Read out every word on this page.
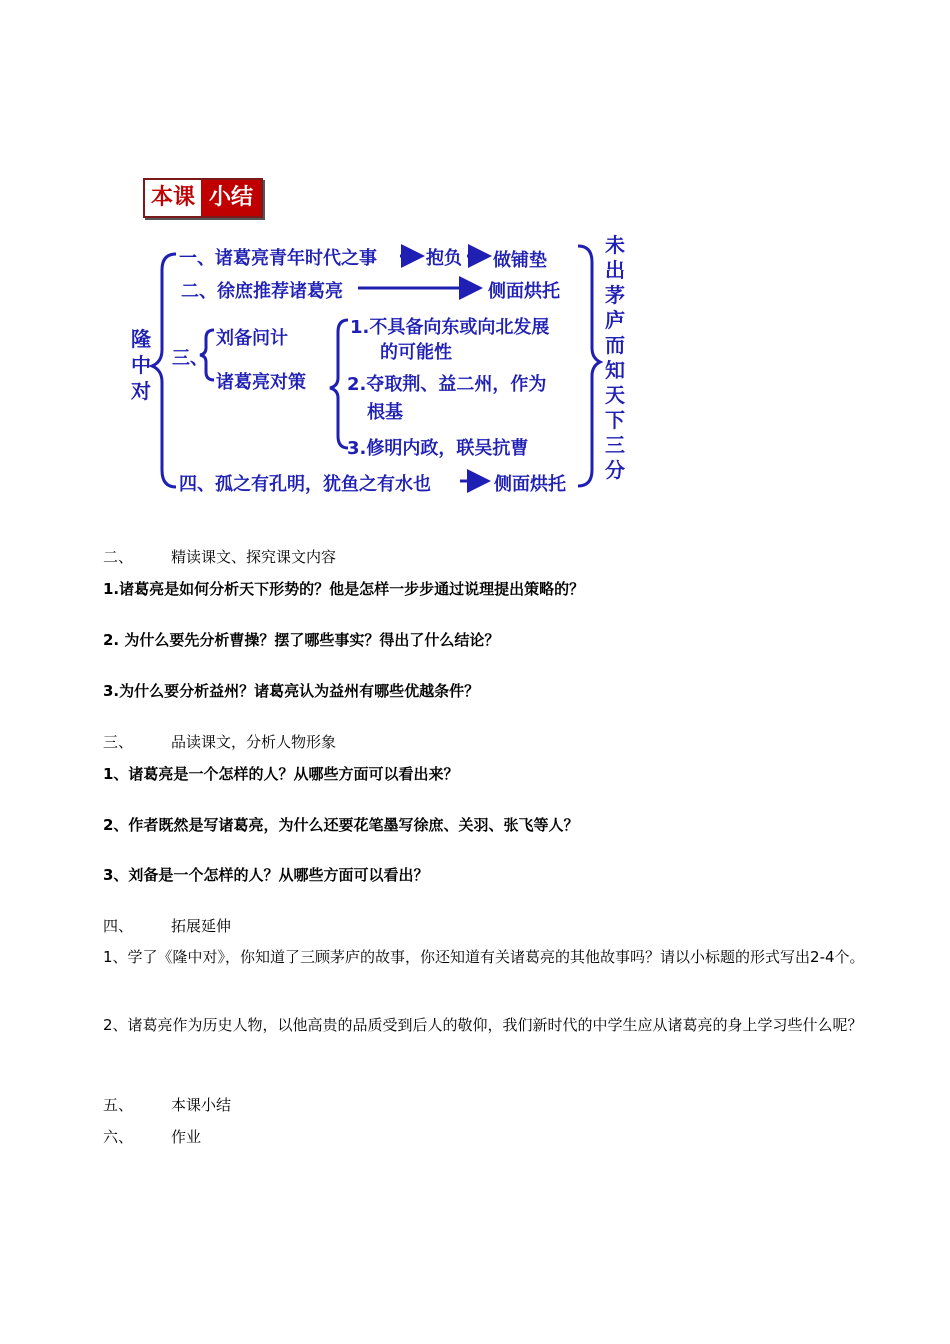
本课 小结
隆中对
未出茅庐而知天下三分
一、诸葛亮青年时代之事	抱负 做铺垫
二、徐庶推荐诸葛亮	侧面烘托
三、
刘备问计
诸葛亮对策
1.不具备向东或向北发展
的可能性
2.夺取荆、益二州，作为
根基
3.修明内政，联吴抗曹
四、孤之有孔明，犹鱼之有水也	侧面烘托
二、	精读课文、探究课文内容
1.诸葛亮是如何分析天下形势的？他是怎样一步步通过说理提出策略的？
2. 为什么要先分析曹操？摆了哪些事实？得出了什么结论？
3.为什么要分析益州？诸葛亮认为益州有哪些优越条件？
三、	品读课文，分析人物形象
1、诸葛亮是一个怎样的人？从哪些方面可以看出来？
2、作者既然是写诸葛亮，为什么还要花笔墨写徐庶、关羽、张飞等人？
3、刘备是一个怎样的人？从哪些方面可以看出？
四、	拓展延伸
1、学了《隆中对》，你知道了三顾茅庐的故事，你还知道有关诸葛亮的其他故事吗？请以小标题的形式写出2-4个。
2、诸葛亮作为历史人物，以他高贵的品质受到后人的敬仰，我们新时代的中学生应从诸葛亮的身上学习些什么呢？
五、	本课小结
六、	作业
